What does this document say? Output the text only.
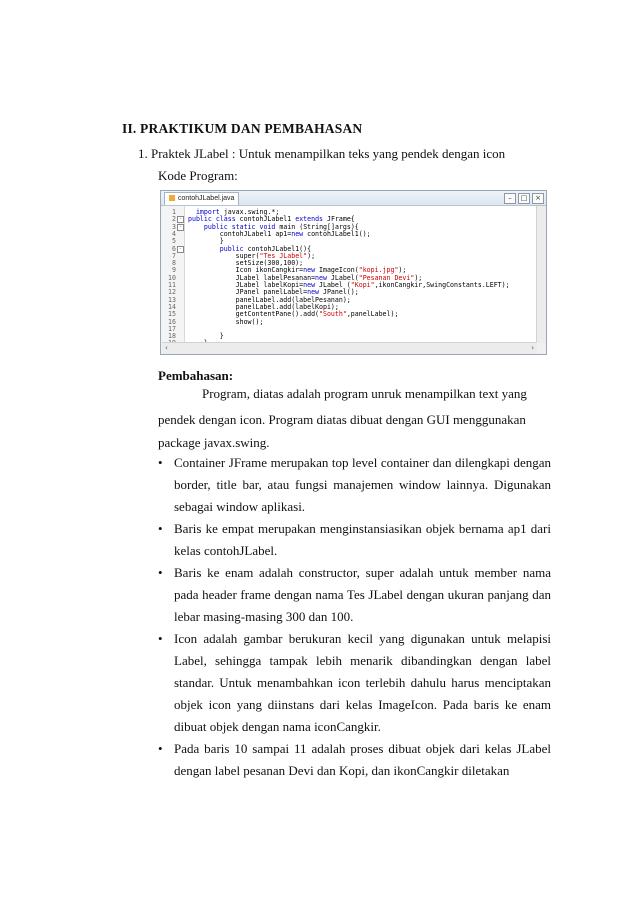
II. PRAKTIKUM DAN PEMBAHASAN
1. Praktek JLabel : Untuk menampilkan teks yang pendek dengan icon
Kode Program:
contohJLabel.java	–	□	×
1	import javax.swing.*;
2 -	public class contohJLabel1 extends JFrame{
3 -	public static void main (String[]args){
4 contohJLabel1 ap1=new contohJLabel1();
5 }
6 -	public contohJLabel1(){
7 super("Tes JLabel");
8 setSize(300,100);
9 Icon ikonCangkir=new ImageIcon("kopi.jpg");
10 JLabel labelPesanan=new JLabel("Pesanan Devi");
11 JLabel labelKopi=new JLabel ("Kopi",ikonCangkir,SwingConstants.LEFT);
12 JPanel panelLabel=new JPanel();
13 panelLabel.add(labelPesanan);
14 panelLabel.add(labelKopi);
15 getContentPane().add("South",panelLabel);
16 show();
17
18 }
‹	›
Pembahasan:
Program, diatas adalah program unruk menampilkan text yang
pendek dengan icon. Program diatas dibuat dengan GUI menggunakan
package javax.swing.
• Container JFrame merupakan top level container dan dilengkapi dengan border, title bar, atau fungsi manajemen window lainnya. Digunakan sebagai window aplikasi.
• Baris ke empat merupakan menginstansiasikan objek bernama ap1 dari kelas contohJLabel.
• Baris ke enam adalah constructor, super adalah untuk member nama pada header frame dengan nama Tes JLabel dengan ukuran panjang dan lebar masing-masing 300 dan 100.
• Icon adalah gambar berukuran kecil yang digunakan untuk melapisi Label, sehingga tampak lebih menarik dibandingkan dengan label standar. Untuk menambahkan icon terlebih dahulu harus menciptakan objek icon yang diinstans dari kelas ImageIcon. Pada baris ke enam dibuat objek dengan nama iconCangkir.
• Pada baris 10 sampai 11 adalah proses dibuat objek dari kelas JLabel dengan label pesanan Devi dan Kopi, dan ikonCangkir diletakan
